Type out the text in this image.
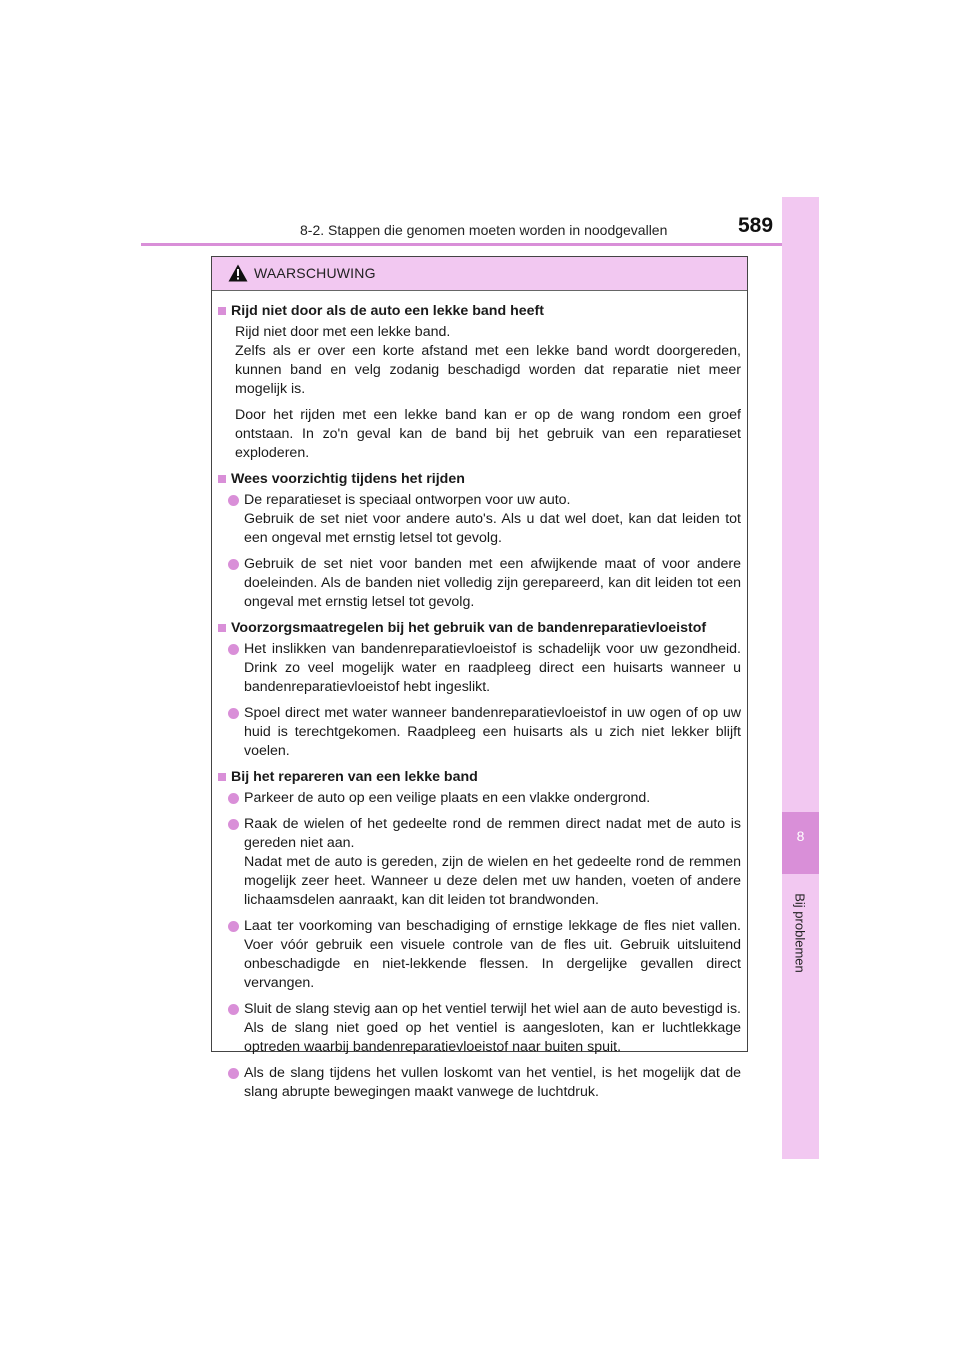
8-2. Stappen die genomen moeten worden in noodgevallen	589
8
Bij problemen
WAARSCHUWING
Rijd niet door als de auto een lekke band heeft
Rijd niet door met een lekke band.
Zelfs als er over een korte afstand met een lekke band wordt doorgereden, kunnen band en velg zodanig beschadigd worden dat reparatie niet meer mogelijk is.
Door het rijden met een lekke band kan er op de wang rondom een groef ontstaan. In zo'n geval kan de band bij het gebruik van een reparatieset exploderen.
Wees voorzichtig tijdens het rijden
De reparatieset is speciaal ontworpen voor uw auto.
Gebruik de set niet voor andere auto's. Als u dat wel doet, kan dat leiden tot een ongeval met ernstig letsel tot gevolg.
Gebruik de set niet voor banden met een afwijkende maat of voor andere doeleinden. Als de banden niet volledig zijn gerepareerd, kan dit leiden tot een ongeval met ernstig letsel tot gevolg.
Voorzorgsmaatregelen bij het gebruik van de bandenreparatievloeistof
Het inslikken van bandenreparatievloeistof is schadelijk voor uw gezondheid. Drink zo veel mogelijk water en raadpleeg direct een huisarts wanneer u bandenreparatievloeistof hebt ingeslikt.
Spoel direct met water wanneer bandenreparatievloeistof in uw ogen of op uw huid is terechtgekomen. Raadpleeg een huisarts als u zich niet lekker blijft voelen.
Bij het repareren van een lekke band
Parkeer de auto op een veilige plaats en een vlakke ondergrond.
Raak de wielen of het gedeelte rond de remmen direct nadat met de auto is gereden niet aan.
Nadat met de auto is gereden, zijn de wielen en het gedeelte rond de remmen mogelijk zeer heet. Wanneer u deze delen met uw handen, voeten of andere lichaamsdelen aanraakt, kan dit leiden tot brandwonden.
Laat ter voorkoming van beschadiging of ernstige lekkage de fles niet vallen. Voer vóór gebruik een visuele controle van de fles uit. Gebruik uitsluitend onbeschadigde en niet-lekkende flessen. In dergelijke gevallen direct vervangen.
Sluit de slang stevig aan op het ventiel terwijl het wiel aan de auto bevestigd is. Als de slang niet goed op het ventiel is aangesloten, kan er luchtlekkage optreden waarbij bandenreparatievloeistof naar buiten spuit.
Als de slang tijdens het vullen loskomt van het ventiel, is het mogelijk dat de slang abrupte bewegingen maakt vanwege de luchtdruk.
